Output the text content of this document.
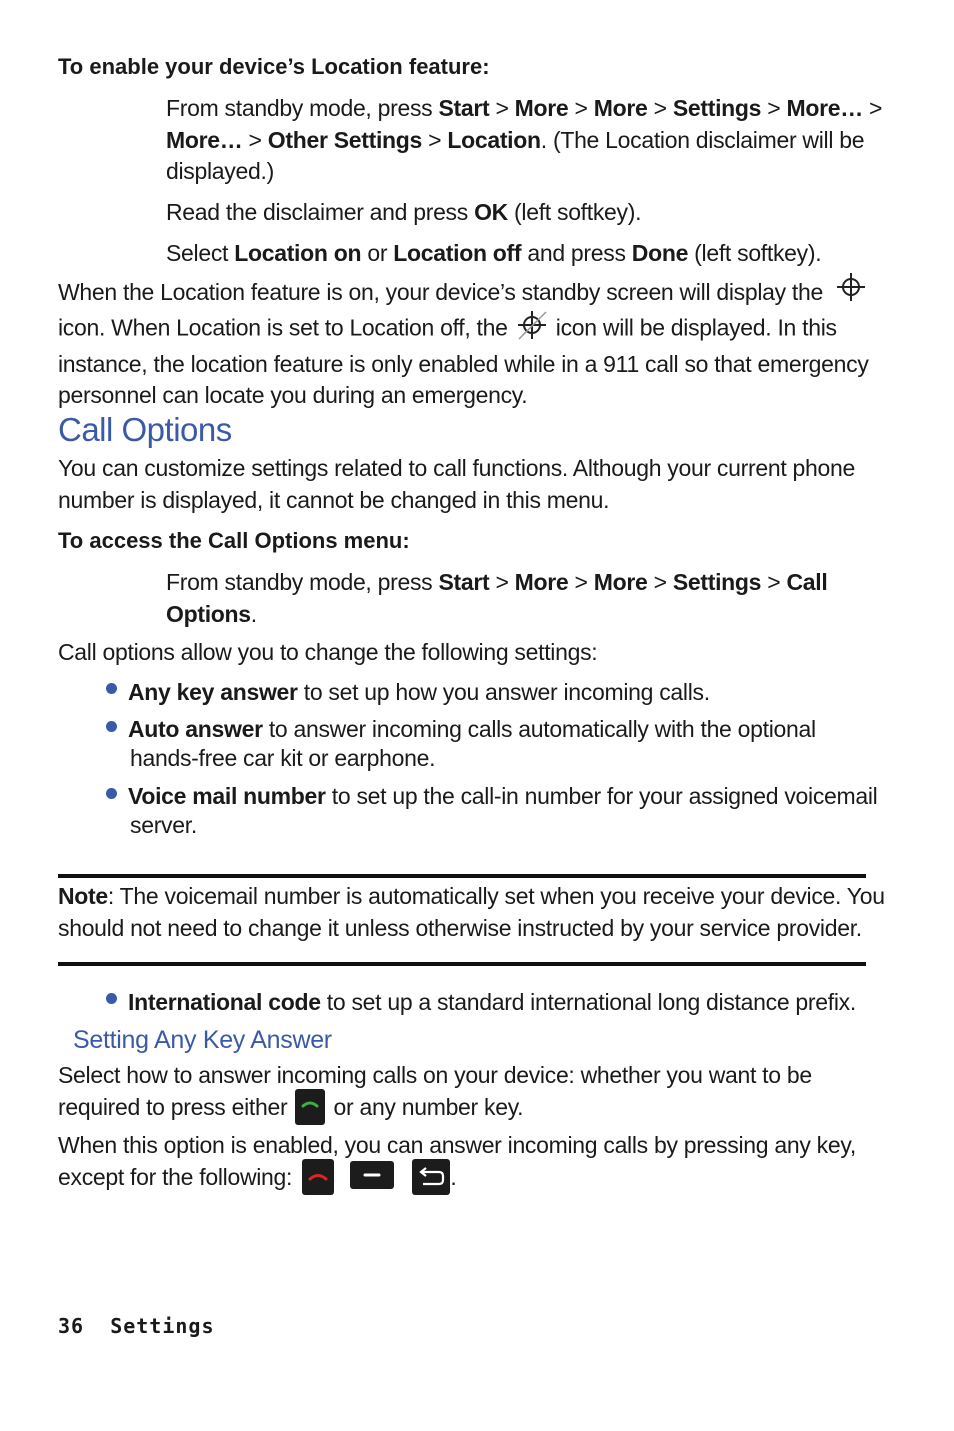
To enable your device’s Location feature:
From standby mode, press Start > More > More > Settings > More… >
More… > Other Settings > Location. (The Location disclaimer will be
displayed.)
Read the disclaimer and press OK (left softkey).
Select Location on or Location off and press Done (left softkey).
When the Location feature is on, your device’s standby screen will display the
icon. When Location is set to Location off, the icon will be displayed. In this
instance, the location feature is only enabled while in a 911 call so that emergency
personnel can locate you during an emergency.
Call Options
You can customize settings related to call functions. Although your current phone
number is displayed, it cannot be changed in this menu.
To access the Call Options menu:
From standby mode, press Start > More > More > Settings > Call
Options.
Call options allow you to change the following settings:
Any key answer to set up how you answer incoming calls.
Auto answer to answer incoming calls automatically with the optional
hands-free car kit or earphone.
Voice mail number to set up the call-in number for your assigned voicemail
server.
Note: The voicemail number is automatically set when you receive your device. You
should not need to change it unless otherwise instructed by your service provider.
International code to set up a standard international long distance prefix.
Setting Any Key Answer
Select how to answer incoming calls on your device: whether you want to be
required to press either
or any number key.
When this option is enabled, you can answer incoming calls by pressing any key,
except for the following:

	.
36 Settings
